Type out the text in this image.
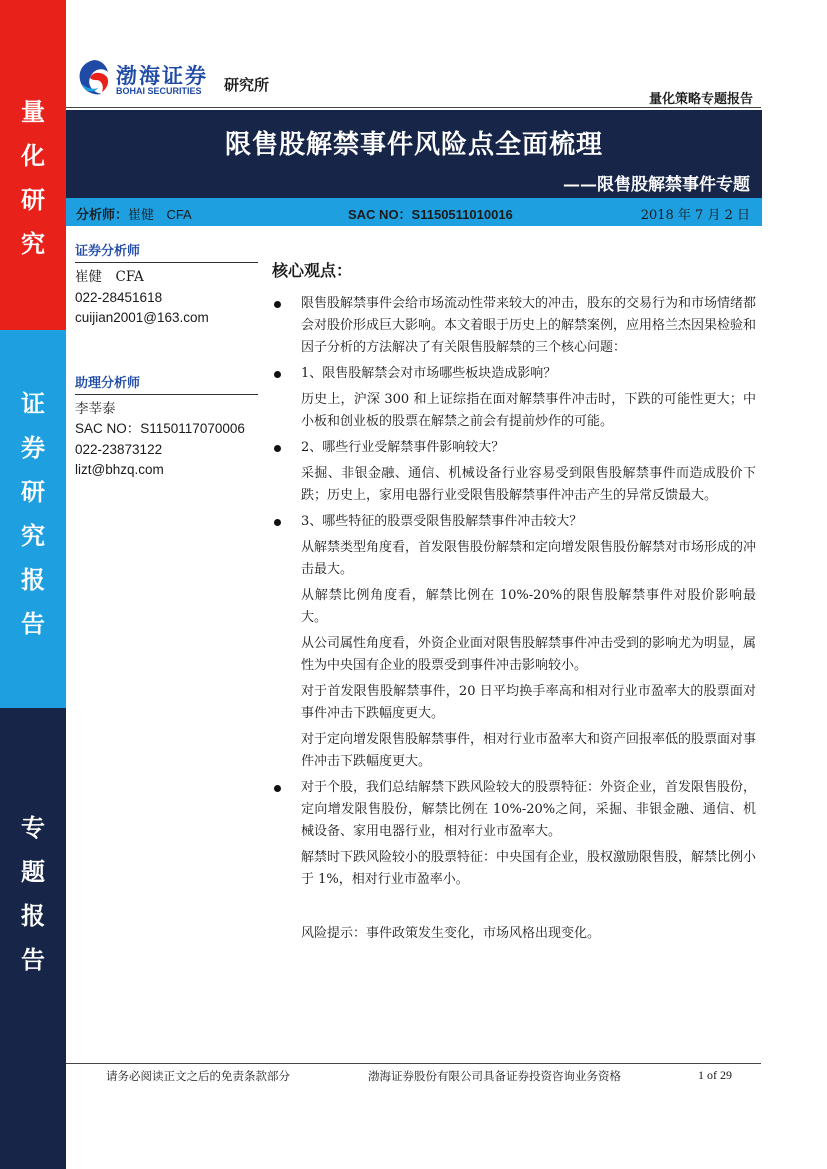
量
化
研
究
证
券
研
究
报
告
专
题
报
告
渤海证券
BOHAI SECURITIES 研究所
量化策略专题报告
限售股解禁事件风险点全面梳理
——限售股解禁事件专题
分析师：崔健 CFA	SAC NO：S1150511010016	2018 年 7 月 2 日
证券分析师
崔健　CFA
022-28451618
cuijian2001@163.com
助理分析师
李莘泰
SAC NO：S1150117070006
022-23873122
lizt@bhzq.com
核心观点：
限售股解禁事件会给市场流动性带来较大的冲击，股东的交易行为和市场情绪都会对股价形成巨大影响。本文着眼于历史上的解禁案例，应用格兰杰因果检验和因子分析的方法解决了有关限售股解禁的三个核心问题：
1、限售股解禁会对市场哪些板块造成影响？
历史上，沪深 300 和上证综指在面对解禁事件冲击时，下跌的可能性更大；中小板和创业板的股票在解禁之前会有提前炒作的可能。
2、哪些行业受解禁事件影响较大？
采掘、非银金融、通信、机械设备行业容易受到限售股解禁事件而造成股价下跌；历史上，家用电器行业受限售股解禁事件冲击产生的异常反馈最大。
3、哪些特征的股票受限售股解禁事件冲击较大？
从解禁类型角度看，首发限售股份解禁和定向增发限售股份解禁对市场形成的冲击最大。
从解禁比例角度看，解禁比例在 10%-20%的限售股解禁事件对股价影响最大。
从公司属性角度看，外资企业面对限售股解禁事件冲击受到的影响尤为明显，属性为中央国有企业的股票受到事件冲击影响较小。
对于首发限售股解禁事件，20 日平均换手率高和相对行业市盈率大的股票面对事件冲击下跌幅度更大。
对于定向增发限售股解禁事件，相对行业市盈率大和资产回报率低的股票面对事件冲击下跌幅度更大。
对于个股，我们总结解禁下跌风险较大的股票特征：外资企业，首发限售股份，定向增发限售股份，解禁比例在 10%-20%之间，采掘、非银金融、通信、机械设备、家用电器行业，相对行业市盈率大。
解禁时下跌风险较小的股票特征：中央国有企业，股权激励限售股，解禁比例小于 1%，相对行业市盈率小。
风险提示：事件政策发生变化，市场风格出现变化。
请务必阅读正文之后的免责条款部分	渤海证券股份有限公司具备证券投资咨询业务资格	1 of 29
